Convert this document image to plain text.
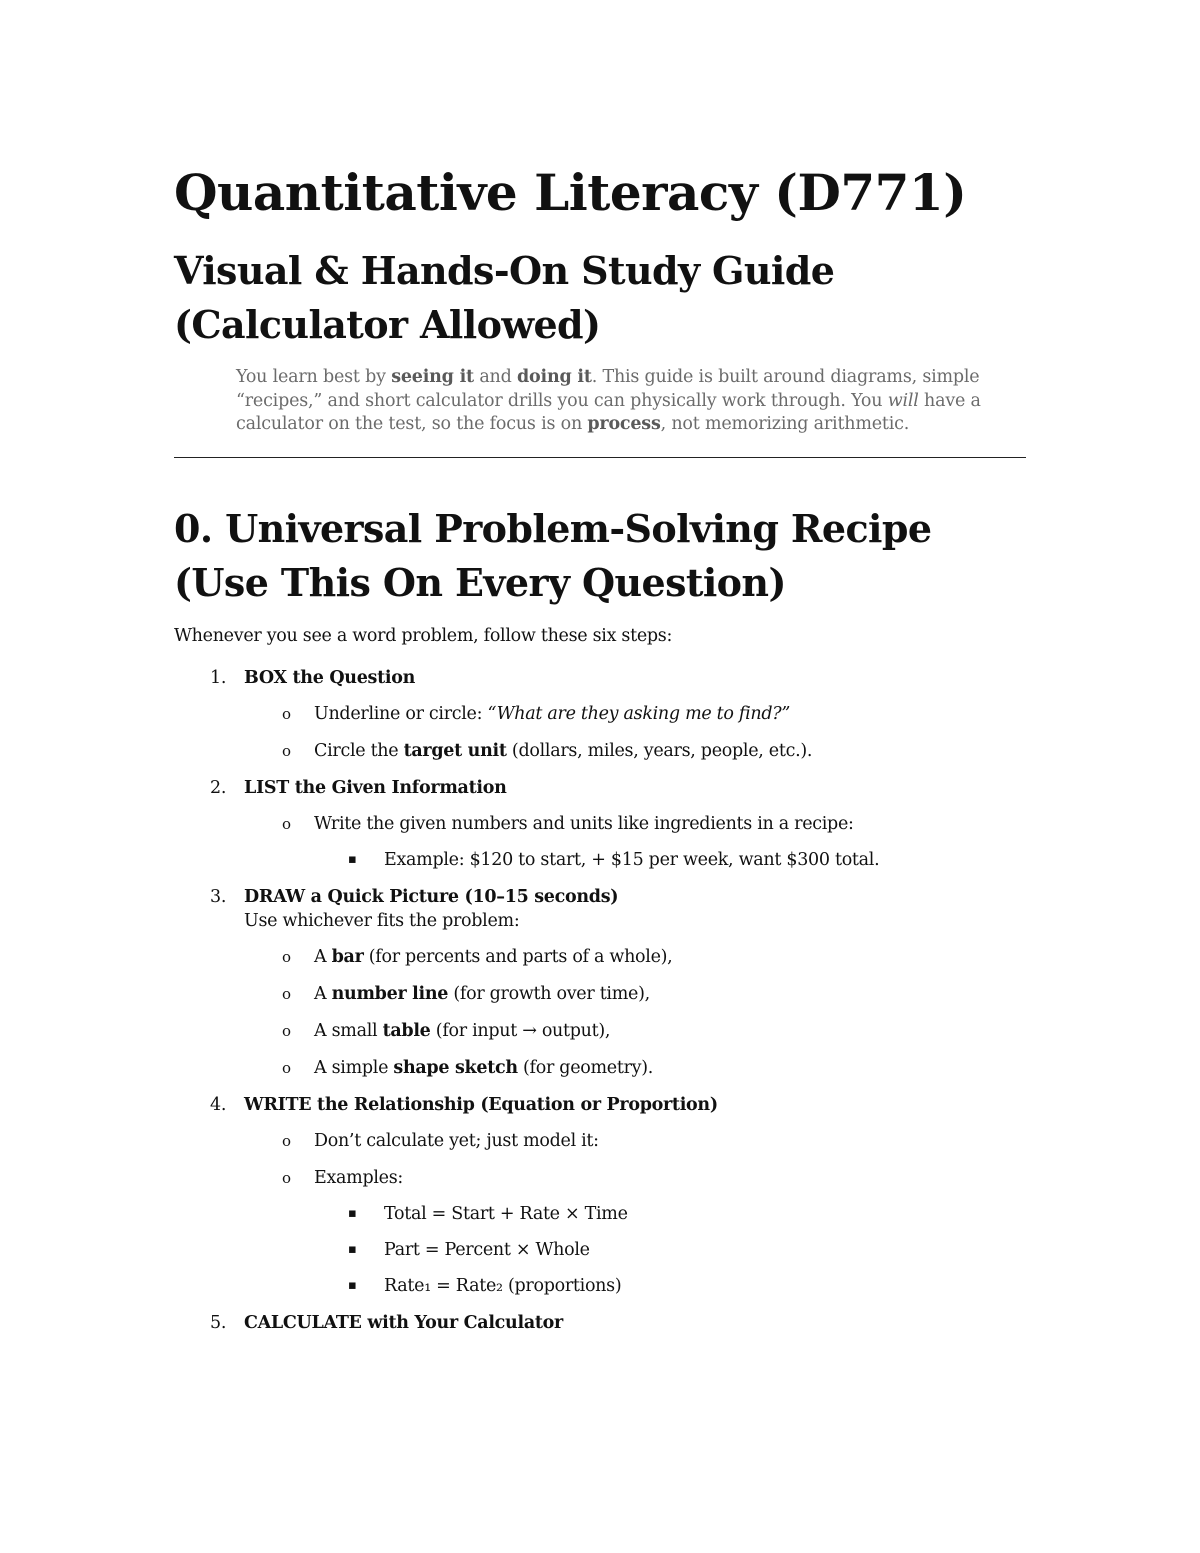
Quantitative Literacy (D771)
Visual & Hands-On Study Guide
(Calculator Allowed)

You learn best by seeing it and doing it. This guide is built around diagrams, simple “recipes,” and short calculator drills you can physically work through. You will have a calculator on the test, so the focus is on process, not memorizing arithmetic.

0. Universal Problem-Solving Recipe
(Use This On Every Question)

Whenever you see a word problem, follow these six steps:

1. BOX the Question
o Underline or circle: “What are they asking me to find?”
o Circle the target unit (dollars, miles, years, people, etc.).
2. LIST the Given Information
o Write the given numbers and units like ingredients in a recipe:
▪ Example: $120 to start, + $15 per week, want $300 total.
3. DRAW a Quick Picture (10–15 seconds)
Use whichever fits the problem:
o A bar (for percents and parts of a whole),
o A number line (for growth over time),
o A small table (for input → output),
o A simple shape sketch (for geometry).
4. WRITE the Relationship (Equation or Proportion)
o Don’t calculate yet; just model it:
o Examples:
▪ Total = Start + Rate × Time
▪ Part = Percent × Whole
▪ Rate₁ = Rate₂ (proportions)
5. CALCULATE with Your Calculator
